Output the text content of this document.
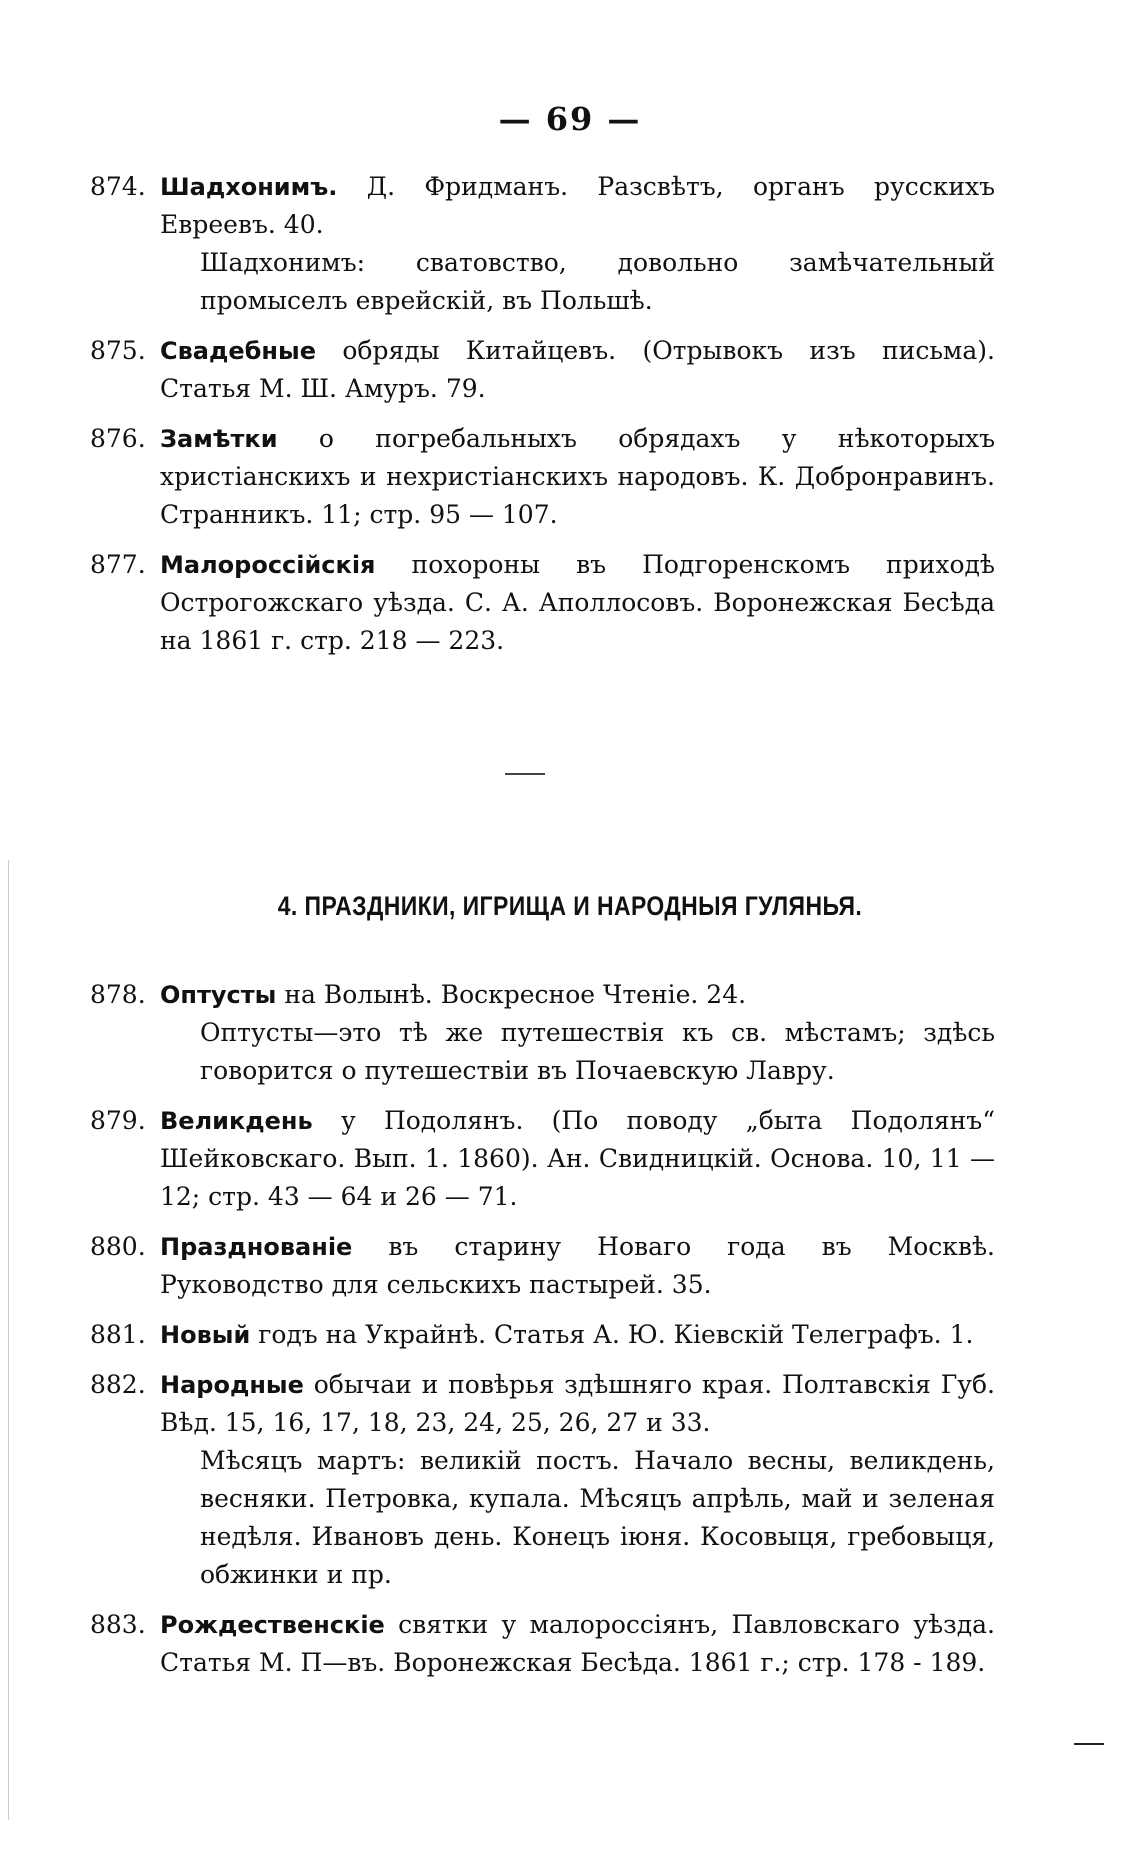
— 69 —
874. Шадхонимъ. Д. Фридманъ. Разсвѣтъ, органъ русскихъ Евреевъ. 40.
Шадхонимъ: сватовство, довольно замѣчательный промыселъ еврейскій, въ Польшѣ.
875. Свадебные обряды Китайцевъ. (Отрывокъ изъ письма). Статья М. Ш. Амуръ. 79.
876. Замѣтки о погребальныхъ обрядахъ у нѣкоторыхъ христіанскихъ и нехристіанскихъ народовъ. К. Добронравинъ. Странникъ. 11; стр. 95 — 107.
877. Малороссійскія похороны въ Подгоренскомъ приходѣ Острогожскаго уѣзда. С. А. Аполлосовъ. Воронежская Бесѣда на 1861 г. стр. 218 — 223.
4. ПРАЗДНИКИ, ИГРИЩА И НАРОДНЫЯ ГУЛЯНЬЯ.
878. Оптусты на Волынѣ. Воскресное Чтеніе. 24.
Оптусты—это тѣ же путешествія къ св. мѣстамъ; здѣсь говорится о путешествіи въ Почаевскую Лавру.
879. Великдень у Подолянъ. (По поводу „быта Подолянъ“ Шейковскаго. Вып. 1. 1860). Ан. Свидницкій. Основа. 10, 11 — 12; стр. 43 — 64 и 26 — 71.
880. Празднованіе въ старину Новаго года въ Москвѣ. Руководство для сельскихъ пастырей. 35.
881. Новый годъ на Украйнѣ. Статья А. Ю. Кіевскій Телеграфъ. 1.
882. Народные обычаи и повѣрья здѣшняго края. Полтавскія Губ. Вѣд. 15, 16, 17, 18, 23, 24, 25, 26, 27 и 33.
Мѣсяцъ мартъ: великій постъ. Начало весны, великдень, весняки. Петровка, купала. Мѣсяцъ апрѣль, май и зеленая недѣля. Ивановъ день. Конецъ іюня. Косовыця, гребовыця, обжинки и пр.
883. Рождественскіе святки у малороссіянъ, Павловскаго уѣзда. Статья М. П—въ. Воронежская Бесѣда. 1861 г.; стр. 178 - 189.
